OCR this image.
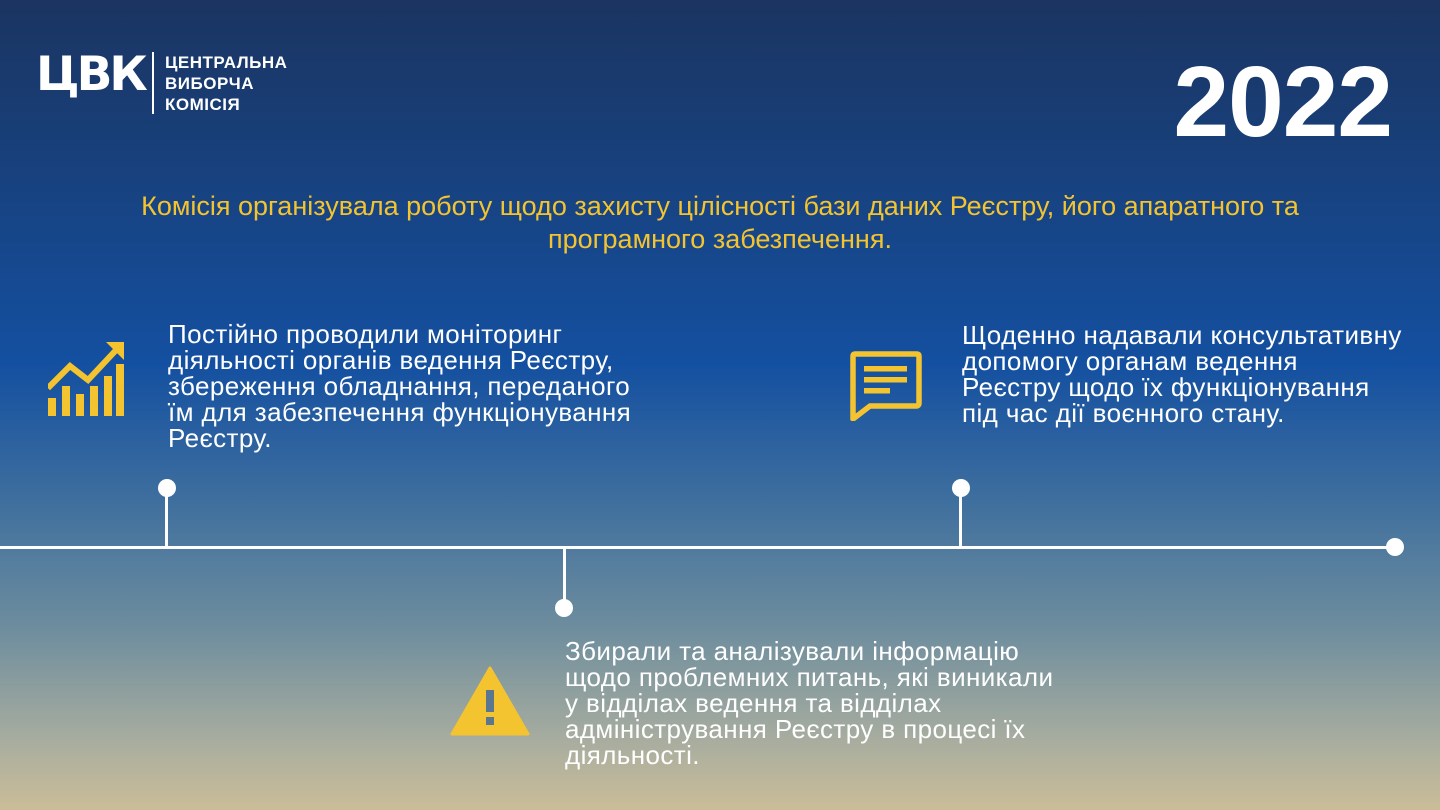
ЦВК ЦЕНТРАЛЬНА
ВИБОРЧА
КОМІСІЯ	2022
Комісія організувала роботу щодо захисту цілісності бази даних Реєстру, його апаратного та програмного забезпечення.
Постійно проводили моніторинг діяльності органів ведення Реєстру, збереження обладнання, переданого їм для забезпечення функціонування Реєстру.
Щоденно надавали консультативну допомогу органам ведення Реєстру щодо їх функціонування під час дії воєнного стану.
Збирали та аналізували інформацію щодо проблемних питань, які виникали у відділах ведення та відділах адміністрування Реєстру в процесі їх діяльності.
